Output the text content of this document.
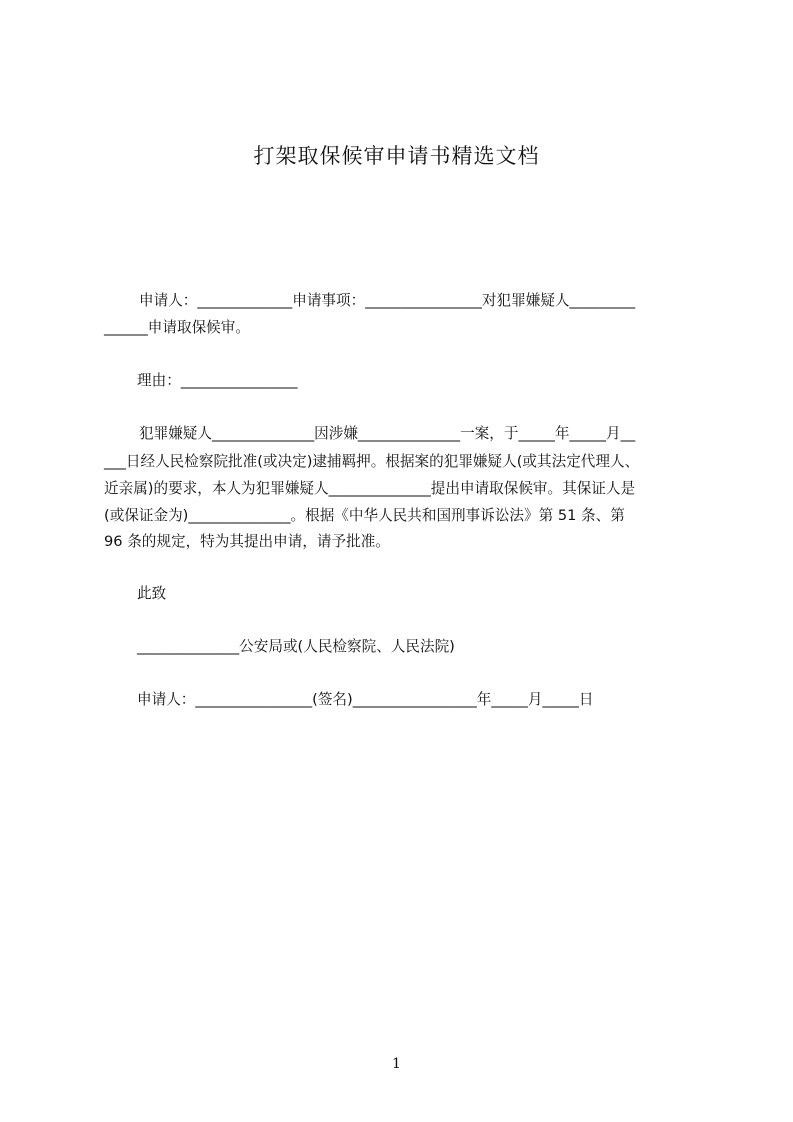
打架取保候审申请书精选文档
申请人：_____________申请事项：________________对犯罪嫌疑人_________
______申请取保候审。
理由：________________
犯罪嫌疑人______________因涉嫌______________一案，于_____年_____月__
___日经人民检察院批准(或决定)逮捕羁押。根据案的犯罪嫌疑人(或其法定代理人、
近亲属)的要求，本人为犯罪嫌疑人______________提出申请取保候审。其保证人是
(或保证金为)______________。根据《中华人民共和国刑事诉讼法》第 51 条、第
96 条的规定，特为其提出申请，请予批准。
此致
______________公安局或(人民检察院、人民法院)
申请人：________________(签名)_________________年_____月_____日
1
